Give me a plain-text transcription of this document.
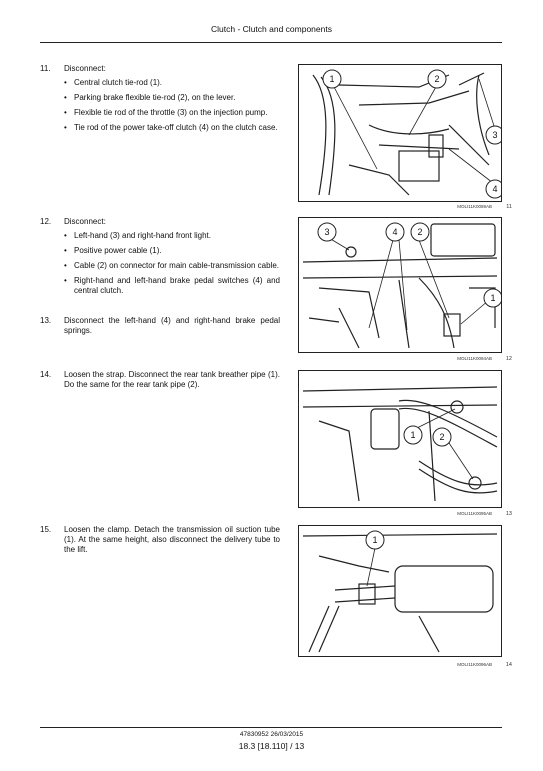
Clutch - Clutch and components
11.	Disconnect:
• Central clutch tie-rod (1).
• Parking brake flexible tie-rod (2), on the lever.
• Flexible tie rod of the throttle (3) on the injection pump.
• Tie rod of the power take-off clutch (4) on the clutch case.
1	2
3
4
MOLI11K0089AB	11
12.	Disconnect:
• Left-hand (3) and right-hand front light.
• Positive power cable (1).
• Cable (2) on connector for main cable-transmission cable.
• Right-hand and left-hand brake pedal switches (4) and central clutch.
13.	Disconnect the left-hand (4) and right-hand brake pedal springs.
3	4 2
1
MOLI11K0094AB	12
14.	Loosen the strap. Disconnect the rear tank breather pipe (1). Do the same for the rear tank pipe (2).
1	2
MOLI11K0095AB	13
15.	Loosen the clamp. Detach the transmission oil suction tube (1). At the same height, also disconnect the delivery tube to the lift.
1
MOLI11K0096AB	14
47830952 26/03/2015
18.3 [18.110] / 13
